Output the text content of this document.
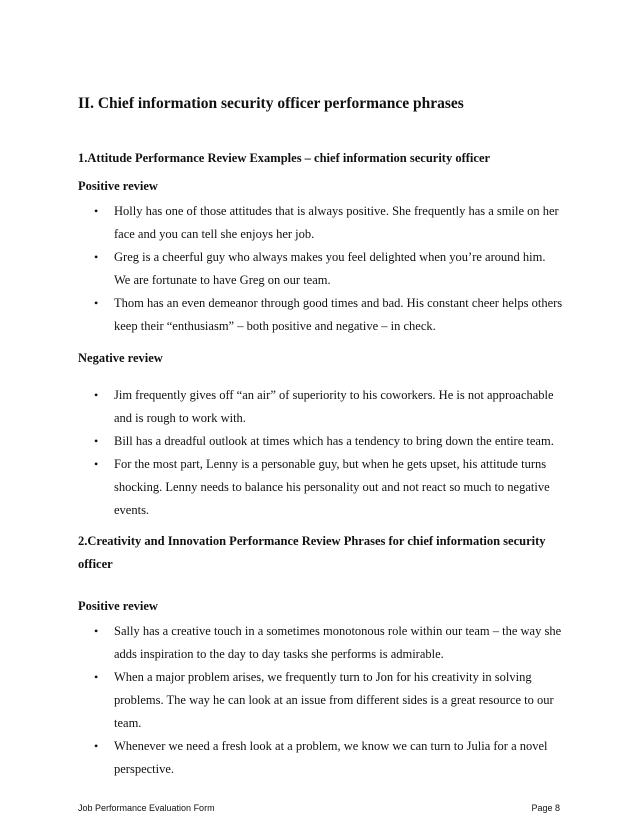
II. Chief information security officer performance phrases
1.Attitude Performance Review Examples – chief information security officer
Positive review
• Holly has one of those attitudes that is always positive. She frequently has a smile on her face and you can tell she enjoys her job.
• Greg is a cheerful guy who always makes you feel delighted when you’re around him. We are fortunate to have Greg on our team.
• Thom has an even demeanor through good times and bad. His constant cheer helps others keep their “enthusiasm” – both positive and negative – in check.
Negative review
• Jim frequently gives off “an air” of superiority to his coworkers. He is not approachable and is rough to work with.
• Bill has a dreadful outlook at times which has a tendency to bring down the entire team.
• For the most part, Lenny is a personable guy, but when he gets upset, his attitude turns shocking. Lenny needs to balance his personality out and not react so much to negative events.
2.Creativity and Innovation Performance Review Phrases for chief information security officer
Positive review
• Sally has a creative touch in a sometimes monotonous role within our team – the way she adds inspiration to the day to day tasks she performs is admirable.
• When a major problem arises, we frequently turn to Jon for his creativity in solving problems. The way he can look at an issue from different sides is a great resource to our team.
• Whenever we need a fresh look at a problem, we know we can turn to Julia for a novel perspective.
Job Performance Evaluation Form	Page 8
